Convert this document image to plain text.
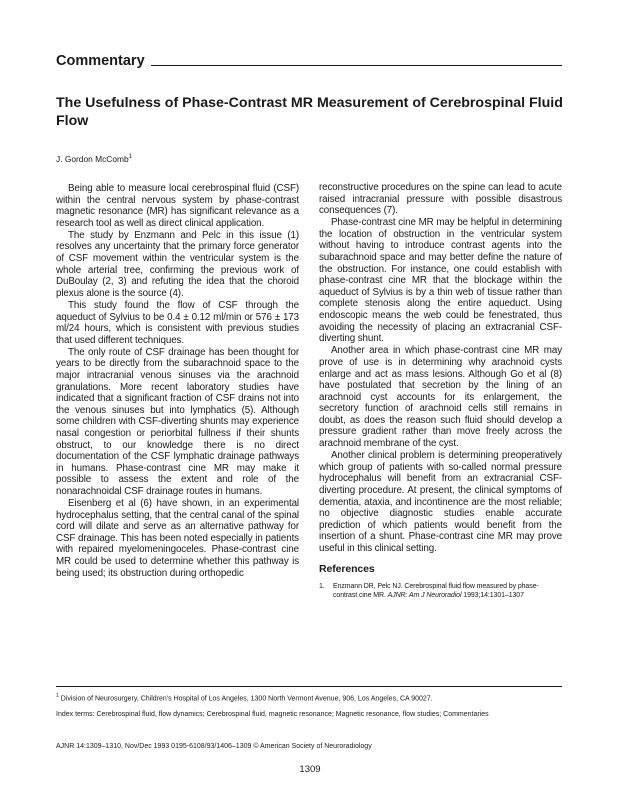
Commentary
The Usefulness of Phase-Contrast MR Measurement of Cerebrospinal Fluid Flow
J. Gordon McComb$^1$

Being able to measure local cerebrospinal fluid (CSF) within the central nervous system by phase-contrast magnetic resonance (MR) has significant relevance as a research tool as well as direct clinical application.

The study by Enzmann and Pelc in this issue (1) resolves any uncertainty that the primary force generator of CSF movement within the ventricular system is the whole arterial tree, confirming the previous work of DuBoulay (2, 3) and refuting the idea that the choroid plexus alone is the source (4).

This study found the flow of CSF through the aqueduct of Sylvius to be 0.4 ± 0.12 ml/min or 576 ± 173 ml/24 hours, which is consistent with previous studies that used different techniques.

The only route of CSF drainage has been thought for years to be directly from the subarachnoid space to the major intracranial venous sinuses via the arachnoid granulations. More recent laboratory studies have indicated that a significant fraction of CSF drains not into the venous sinuses but into lymphatics (5). Although some children with CSF-diverting shunts may experience nasal congestion or periorbital fullness if their shunts obstruct, to our knowledge there is no direct documentation of the CSF lymphatic drainage pathways in humans. Phase-contrast cine MR may make it possible to assess the extent and role of the nonarachnoidal CSF drainage routes in humans.

Eisenberg et al (6) have shown, in an experimental hydrocephalus setting, that the central canal of the spinal cord will dilate and serve as an alternative pathway for CSF drainage. This has been noted especially in patients with repaired myelomeningoceles. Phase-contrast cine MR could be used to determine whether this pathway is being used; its obstruction during orthopedic

reconstructive procedures on the spine can lead to acute raised intracranial pressure with possible disastrous consequences (7).

Phase-contrast cine MR may be helpful in determining the location of obstruction in the ventricular system without having to introduce contrast agents into the subarachnoid space and may better define the nature of the obstruction. For instance, one could establish with phase-contrast cine MR that the blockage within the aqueduct of Sylvius is by a thin web of tissue rather than complete stenosis along the entire aqueduct. Using endoscopic means the web could be fenestrated, thus avoiding the necessity of placing an extracranial CSF-diverting shunt.

Another area in which phase-contrast cine MR may prove of use is in determining why arachnoid cysts enlarge and act as mass lesions. Although Go et al (8) have postulated that secretion by the lining of an arachnoid cyst accounts for its enlargement, the secretory function of arachnoid cells still remains in doubt, as does the reason such fluid should develop a pressure gradient rather than move freely across the arachnoid membrane of the cyst.

Another clinical problem is determining preoperatively which group of patients with so-called normal pressure hydrocephalus will benefit from an extracranial CSF-diverting procedure. At present, the clinical symptoms of dementia, ataxia, and incontinence are the most reliable; no objective diagnostic studies enable accurate prediction of which patients would benefit from the insertion of a shunt. Phase-contrast cine MR may prove useful in this clinical setting.

References
1. Enzmann DR, Pelc NJ. Cerebrospinal fluid flow measured by phase-contrast cine MR. AJNR: Am J Neuroradiol 1993;14:1301–1307
$^1$ Division of Neurosurgery, Children's Hospital of Los Angeles, 1300 North Vermont Avenue, 906, Los Angeles, CA 90027.
Index terms: Cerebrospinal fluid, flow dynamics; Cerebrospinal fluid, magnetic resonance; Magnetic resonance, flow studies; Commentaries
AJNR 14:1309–1310, Nov/Dec 1993 0195-6108/93/1406–1309 © American Society of Neuroradiology
1309
